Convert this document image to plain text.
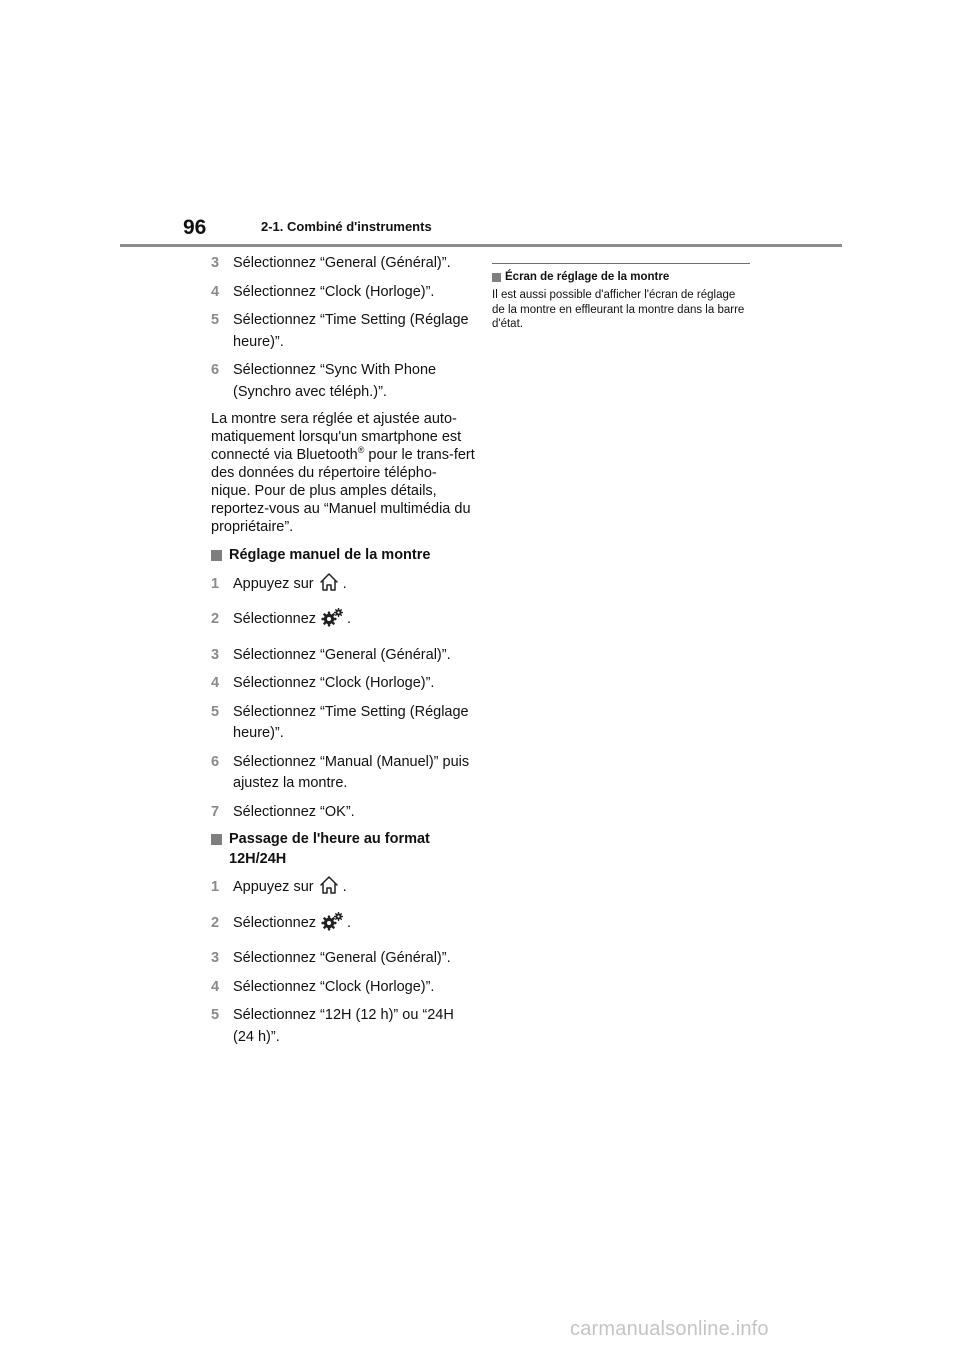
96	2-1. Combiné d'instruments
3 Sélectionnez “General (Général)”.
4 Sélectionnez “Clock (Horloge)”.
5 Sélectionnez “Time Setting (Réglage heure)”.
6 Sélectionnez “Sync With Phone (Synchro avec téléph.)”.
La montre sera réglée et ajustée auto-matiquement lorsqu'un smartphone est connecté via Bluetooth® pour le trans-fert des données du répertoire télépho-nique. Pour de plus amples détails, reportez-vous au “Manuel multimédia du propriétaire”.
Réglage manuel de la montre
1 Appuyez sur .
2 Sélectionnez .
3 Sélectionnez “General (Général)”.
4 Sélectionnez “Clock (Horloge)”.
5 Sélectionnez “Time Setting (Réglage heure)”.
6 Sélectionnez “Manual (Manuel)” puis ajustez la montre.
7 Sélectionnez “OK”.
Passage de l'heure au format 12H/24H
1 Appuyez sur .
2 Sélectionnez .
3 Sélectionnez “General (Général)”.
4 Sélectionnez “Clock (Horloge)”.
5 Sélectionnez “12H (12 h)” ou “24H (24 h)”.
Écran de réglage de la montre
Il est aussi possible d'afficher l'écran de réglage de la montre en effleurant la montre dans la barre d'état.
carmanualsonline.info
